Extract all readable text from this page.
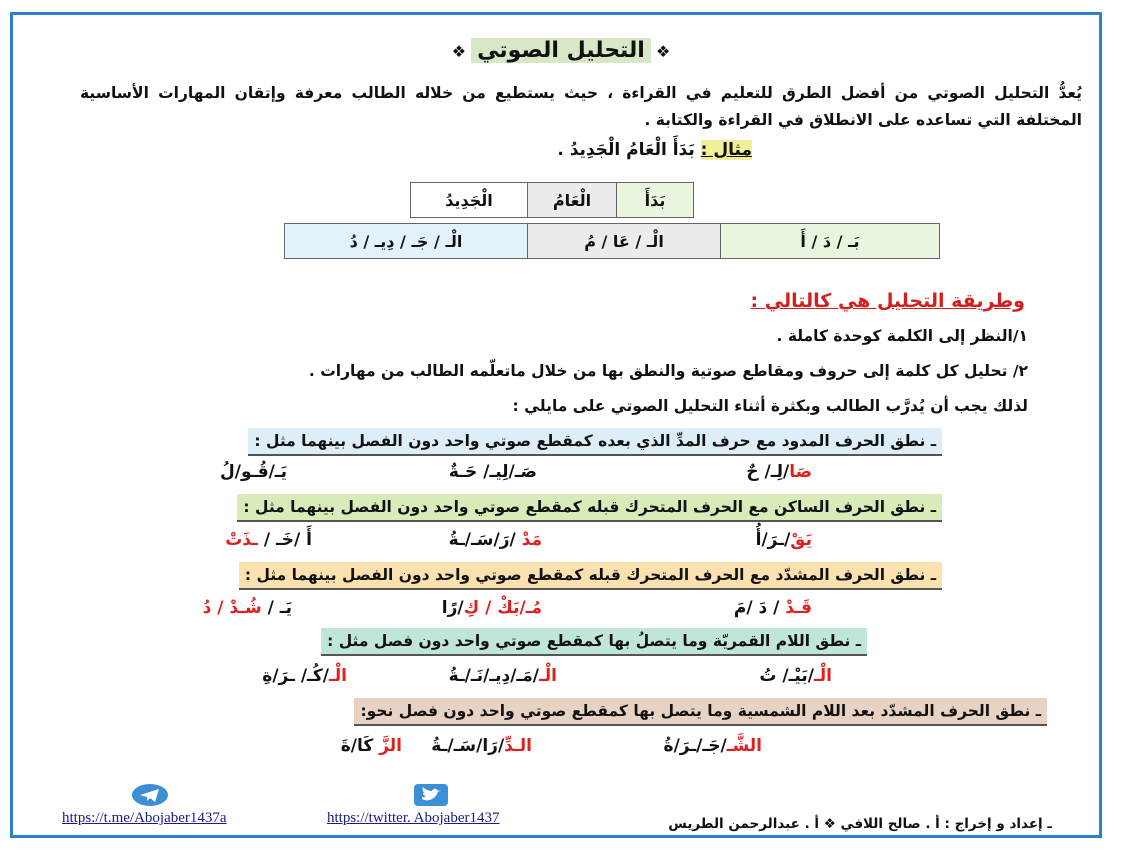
❖ التحليل الصوتي ❖
يُعدُّ التحليل الصوتي من أفضل الطرق للتعليم في القراءة ، حيث يستطيع من خلاله الطالب معرفة وإتقان المهارات الأساسية المختلفة التي تساعده على الانطلاق في القراءة والكتابة .
مثال : بَدَأَ الْعَامُ الْجَدِيدُ .
بَدَأَ	الْعَامُ	الْجَدِيدُ
بَـ / دَ / أَ	الْـ / عَا / مُ	الْـ / جَـ / دِيـ / دُ
وطريقة التحليل هي كالتالي :
١/النظر إلى الكلمة كوحدة كاملة .
٢/ تحليل كل كلمة إلى حروف ومقاطع صوتية والنطق بها من خلال ماتعلّمه الطالب من مهارات .
لذلك يجب أن يُدرَّب الطالب وبكثرة أثناء التحليل الصوتي على مايلي :
ـ نطق الحرف المدود مع حرف المدِّ الذي بعده كمقطع صوتي واحد دون الفصل بينهما مثل :
صَا/لِـ/ حٌ
صَـ/لِيـ/ حَـةٌ
يَـ/قُـو/لُ
ـ نطق الحرف الساكن مع الحرف المتحرك قبله كمقطع صوتي واحد دون الفصل بينهما مثل :
يَقْ/ـرَ/أُ
مَدْ /رَ/سَـ/ـةُ
أَ /خَـ / ـذَتْ
ـ نطق الحرف المشدّد مع الحرف المتحرك قبله كمقطع صوتي واحد دون الفصل بينهما مثل :
قَـدْ / دَ /مَ
مُـ/بَكْ / كِ/رًا
يَـ / شُـدْ / دُ
ـ نطق اللام القمريّة وما يتصلُ بها كمقطع صوتي واحد دون فصل مثل :
الْـ/بَيْـ/ تُ
الْـ/مَـ/دِيـ/نَـ/ـةُ
الْـ/كُـ/ ـرَ/ةِ
ـ نطق الحرف المشدّد بعد اللام الشمسية وما يتصل بها كمقطع صوتي واحد دون فصل نحو:
الشَّـ/جَـ/ـرَ/ةُ
الـدِّ/رَا/سَـ/ـةُ
الزَّ كَا/ةَ
https://t.me/Abojaber1437a	https://twitter. Abojaber1437	ـ إعداد و إخراج : أ . صالح اللافي ❖ أ . عبدالرحمن الطريس
